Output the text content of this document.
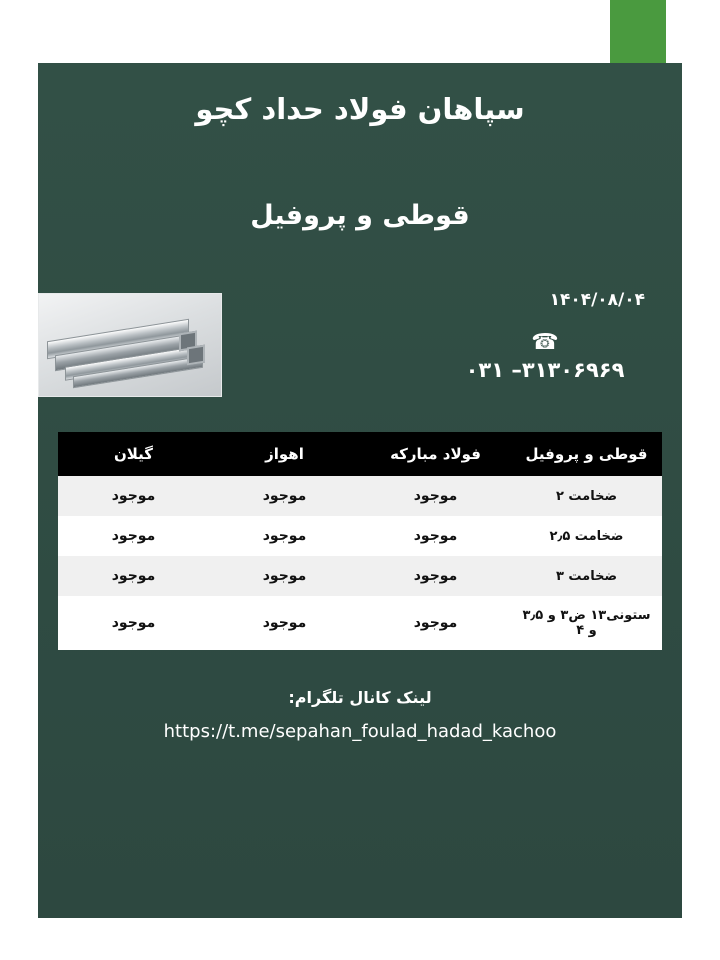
سپاهان فولاد حداد کچو
قوطی و پروفیل
۱۴۰۴/۰۸/۰۴
☎
۰۳۱ –۳۱۳۰۶۹۶۹
قوطی و پروفیل	فولاد مبارکه	اهواز	گیلان
ضخامت ۲	موجود	موجود	موجود
ضخامت ۲٫۵	موجود	موجود	موجود
ضخامت ۳	موجود	موجود	موجود
ستونی۱۳ ض۳ و ۳٫۵ و ۴	موجود	موجود	موجود
لینک کانال تلگرام:
https://t.me/sepahan_foulad_hadad_kachoo
